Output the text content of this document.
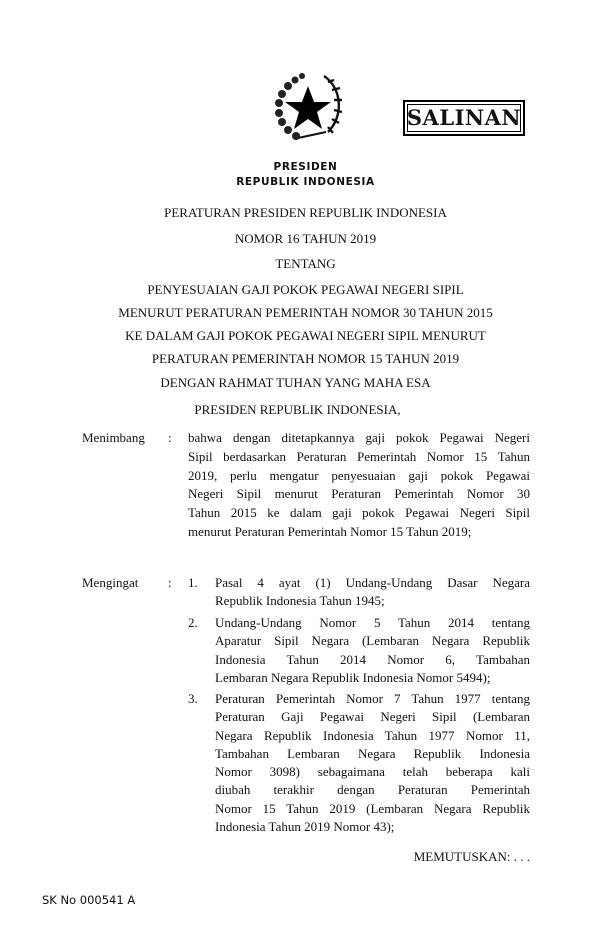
SALINAN
PRESIDEN
REPUBLIK INDONESIA
PERATURAN PRESIDEN REPUBLIK INDONESIA
NOMOR 16 TAHUN 2019
TENTANG
PENYESUAIAN GAJI POKOK PEGAWAI NEGERI SIPIL
MENURUT PERATURAN PEMERINTAH NOMOR 30 TAHUN 2015
KE DALAM GAJI POKOK PEGAWAI NEGERI SIPIL MENURUT
PERATURAN PEMERINTAH NOMOR 15 TAHUN 2019
DENGAN RAHMAT TUHAN YANG MAHA ESA
PRESIDEN REPUBLIK INDONESIA,
Menimbang : bahwa dengan ditetapkannya gaji pokok Pegawai Negeri
Sipil berdasarkan Peraturan Pemerintah Nomor 15 Tahun
2019, perlu mengatur penyesuaian gaji pokok Pegawai
Negeri Sipil menurut Peraturan Pemerintah Nomor 30
Tahun 2015 ke dalam gaji pokok Pegawai Negeri Sipil
menurut Peraturan Pemerintah Nomor 15 Tahun 2019;
Mengingat : 1. Pasal 4 ayat (1) Undang-Undang Dasar Negara
Republik Indonesia Tahun 1945;
2. Undang-Undang Nomor 5 Tahun 2014 tentang
Aparatur Sipil Negara (Lembaran Negara Republik
Indonesia Tahun 2014 Nomor 6, Tambahan
Lembaran Negara Republik Indonesia Nomor 5494);
3. Peraturan Pemerintah Nomor 7 Tahun 1977 tentang
Peraturan Gaji Pegawai Negeri Sipil (Lembaran
Negara Republik Indonesia Tahun 1977 Nomor 11,
Tambahan Lembaran Negara Republik Indonesia
Nomor 3098) sebagaimana telah beberapa kali
diubah terakhir dengan Peraturan Pemerintah
Nomor 15 Tahun 2019 (Lembaran Negara Republik
Indonesia Tahun 2019 Nomor 43);
MEMUTUSKAN: . . .
SK No 000541 A
